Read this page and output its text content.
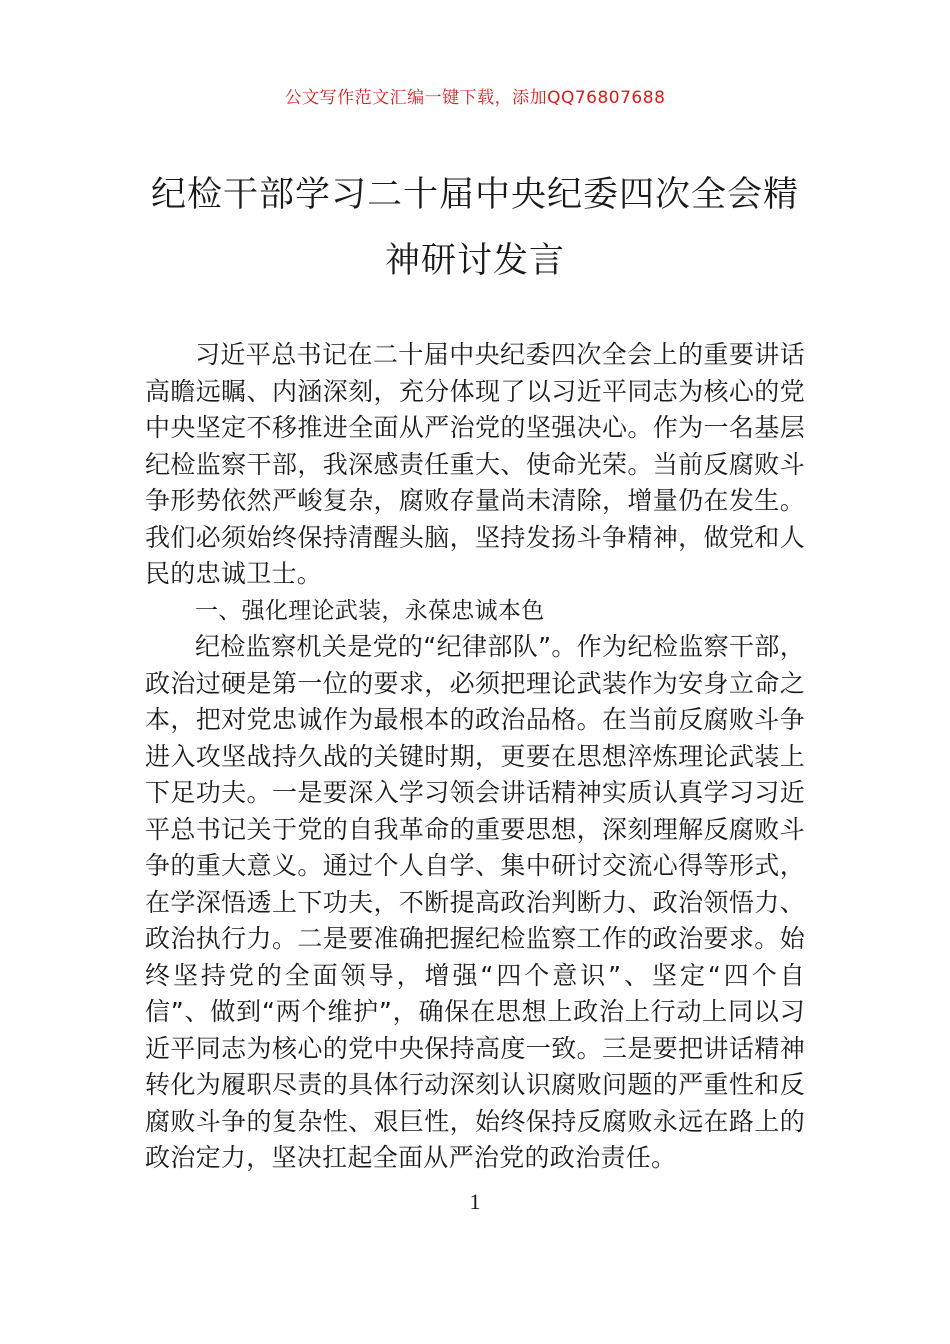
公文写作范文汇编一键下载，添加QQ76807688
纪检干部学习二十届中央纪委四次全会精神研讨发言

习近平总书记在二十届中央纪委四次全会上的重要讲话高瞻远瞩、内涵深刻，充分体现了以习近平同志为核心的党中央坚定不移推进全面从严治党的坚强决心。作为一名基层纪检监察干部，我深感责任重大、使命光荣。当前反腐败斗争形势依然严峻复杂，腐败存量尚未清除，增量仍在发生。我们必须始终保持清醒头脑，坚持发扬斗争精神，做党和人民的忠诚卫士。

一、强化理论武装，永葆忠诚本色

纪检监察机关是党的“纪律部队”。作为纪检监察干部，政治过硬是第一位的要求，必须把理论武装作为安身立命之本，把对党忠诚作为最根本的政治品格。在当前反腐败斗争进入攻坚战持久战的关键时期，更要在思想淬炼理论武装上下足功夫。一是要深入学习领会讲话精神实质认真学习习近平总书记关于党的自我革命的重要思想，深刻理解反腐败斗争的重大意义。通过个人自学、集中研讨交流心得等形式，在学深悟透上下功夫，不断提高政治判断力、政治领悟力、政治执行力。二是要准确把握纪检监察工作的政治要求。始终坚持党的全面领导，增强“四个意识”、坚定“四个自信”、做到“两个维护”，确保在思想上政治上行动上同以习近平同志为核心的党中央保持高度一致。三是要把讲话精神转化为履职尽责的具体行动深刻认识腐败问题的严重性和反腐败斗争的复杂性、艰巨性，始终保持反腐败永远在路上的政治定力，坚决扛起全面从严治党的政治责任。

1
